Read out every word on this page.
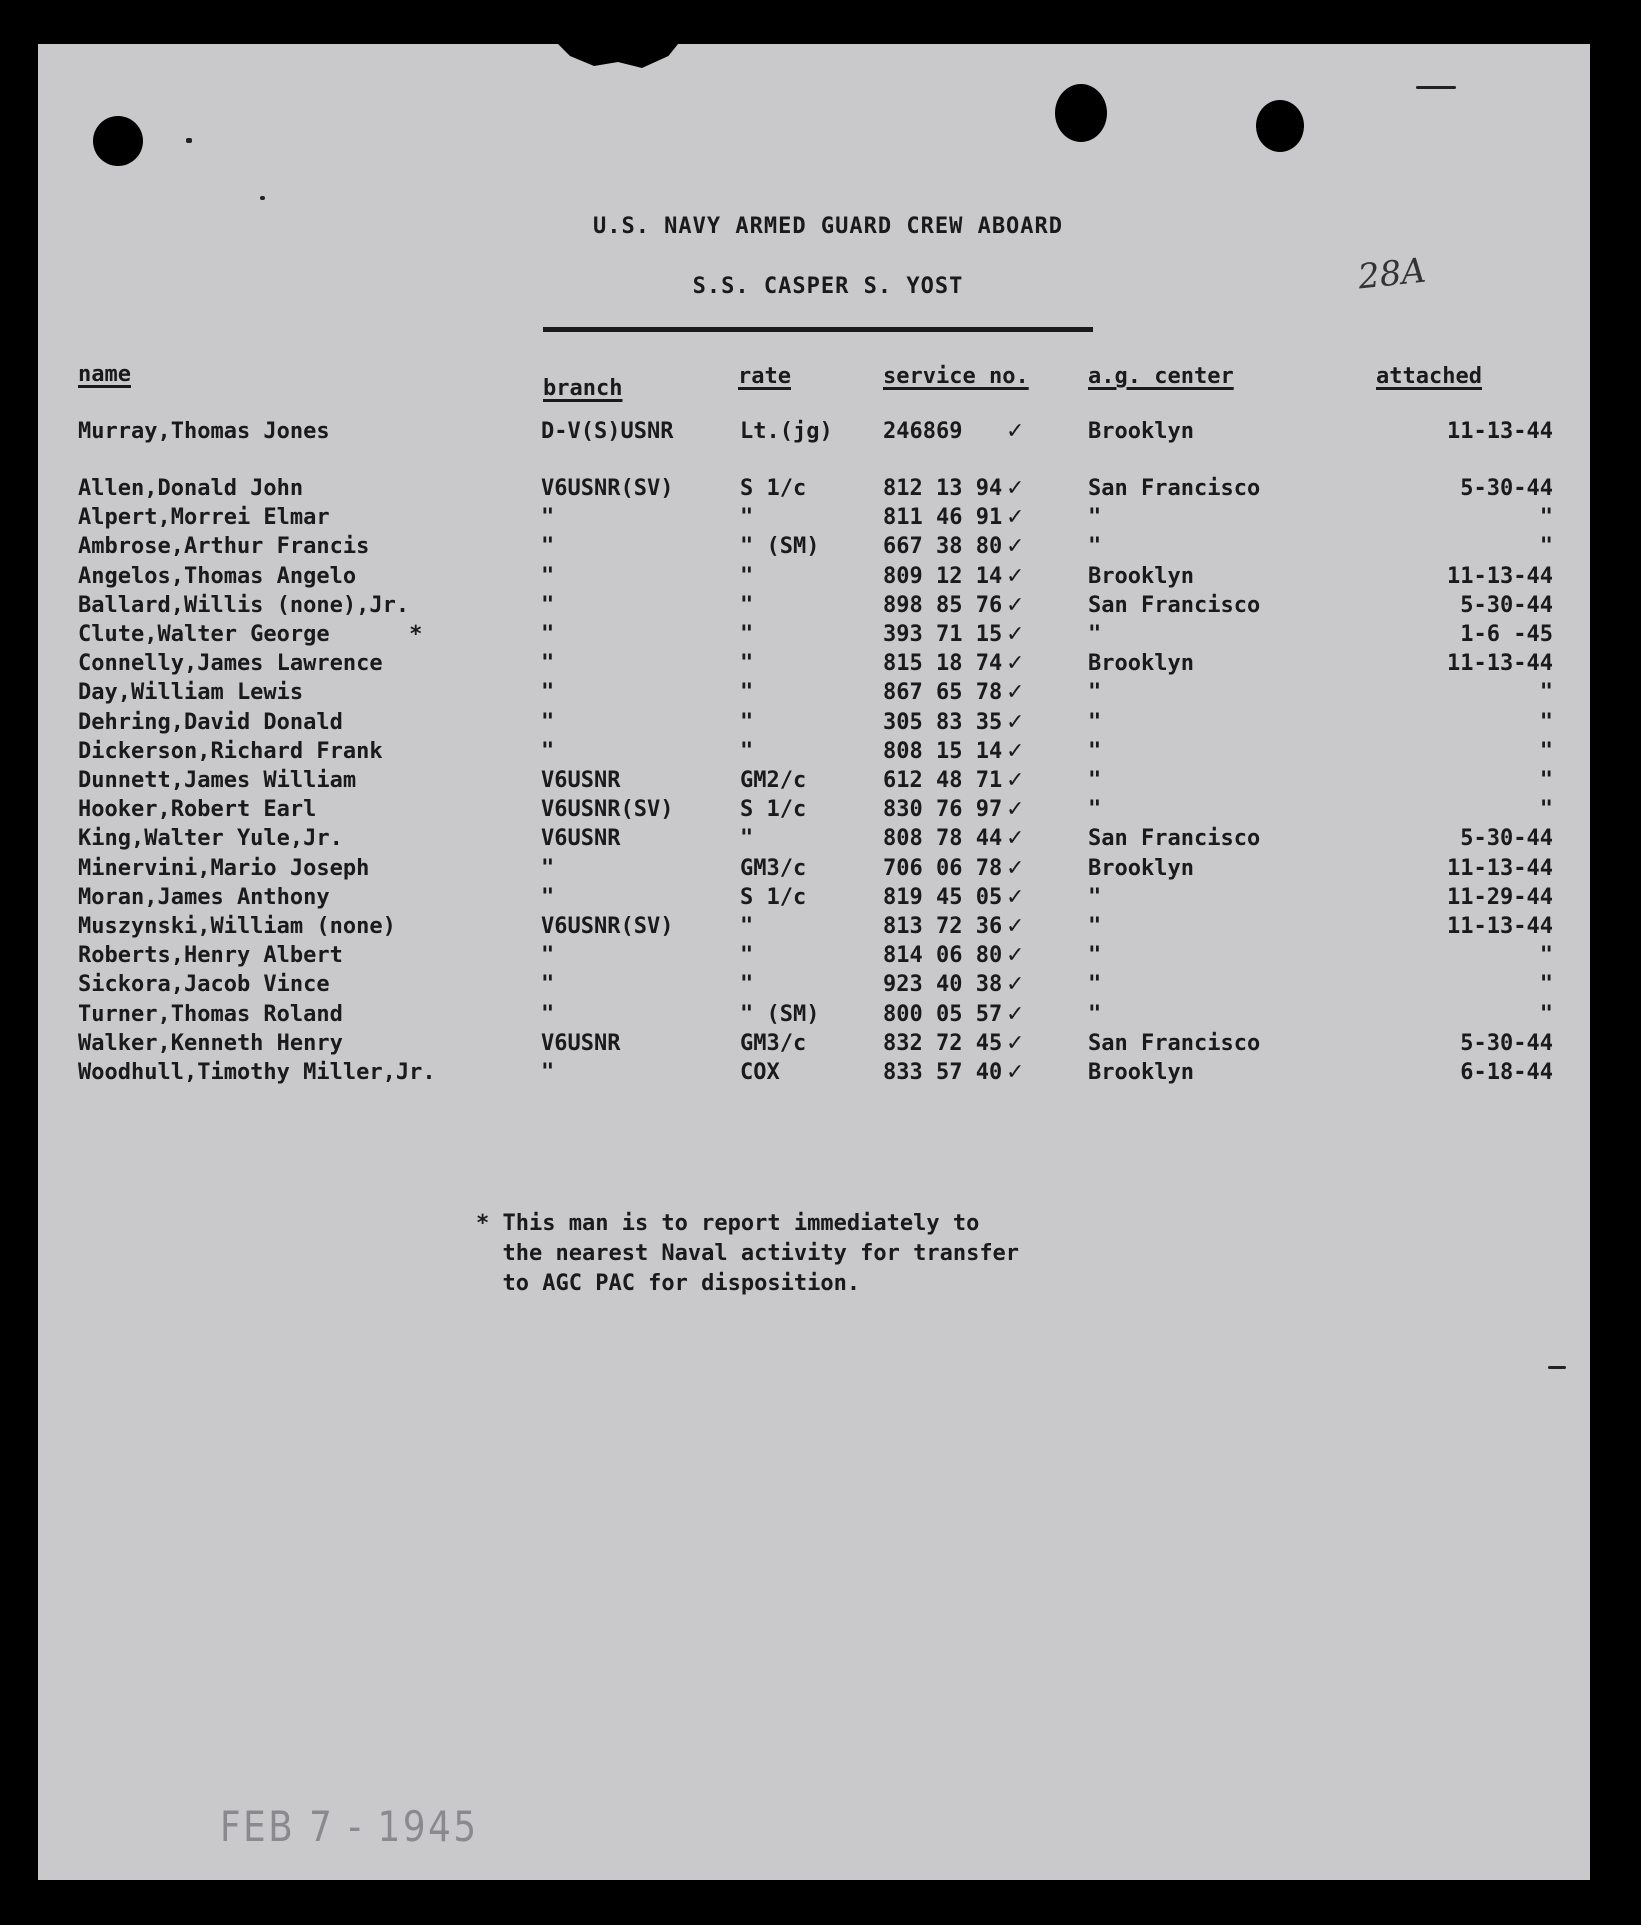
U.S. NAVY ARMED GUARD CREW ABOARD
S.S. CASPER S. YOST	28A
name
branch	rate	service no.	a.g. center	attached
Murray,Thomas Jones	D-V(S)USNR	Lt.(jg) 246869 ✓	Brooklyn	11-13-44
Allen,Donald John	V6USNR(SV)	S 1/c	812 13 94 ✓	San Francisco	5-30-44
Alpert,Morrei Elmar	"	"	811 46 91 ✓	"	"
Ambrose,Arthur Francis	"	" (SM)	667 38 80 ✓	"	"
Angelos,Thomas Angelo	"	"	809 12 14 ✓	Brooklyn	11-13-44
Ballard,Willis (none),Jr.	"	"	898 85 76 ✓	San Francisco	5-30-44
Clute,Walter George      *	"	"	393 71 15 ✓	"	1-6 -45
Connelly,James Lawrence	"	"	815 18 74 ✓	Brooklyn	11-13-44
Day,William Lewis	"	"	867 65 78 ✓	"	"
Dehring,David Donald	"	"	305 83 35 ✓	"	"
Dickerson,Richard Frank	"	"	808 15 14 ✓	"	"
Dunnett,James William	V6USNR	GM2/c	612 48 71 ✓	"	"
Hooker,Robert Earl	V6USNR(SV)	S 1/c	830 76 97 ✓	"	"
King,Walter Yule,Jr.	V6USNR	"	808 78 44 ✓	San Francisco	5-30-44
Minervini,Mario Joseph	"	GM3/c	706 06 78 ✓	Brooklyn	11-13-44
Moran,James Anthony	"	S 1/c	819 45 05 ✓	"	11-29-44
Muszynski,William (none)	V6USNR(SV)	"	813 72 36 ✓	"	11-13-44
Roberts,Henry Albert	"	"	814 06 80 ✓	"	"
Sickora,Jacob Vince	"	"	923 40 38 ✓	"	"
Turner,Thomas Roland	"	" (SM)	800 05 57 ✓	"	"
Walker,Kenneth Henry	V6USNR	GM3/c	832 72 45 ✓	San Francisco	5-30-44
Woodhull,Timothy Miller,Jr.	"	COX	833 57 40 ✓	Brooklyn	6-18-44
* This man is to report immediately to
the nearest Naval activity for transfer
to AGC PAC for disposition.
FEB 7 - 1945
